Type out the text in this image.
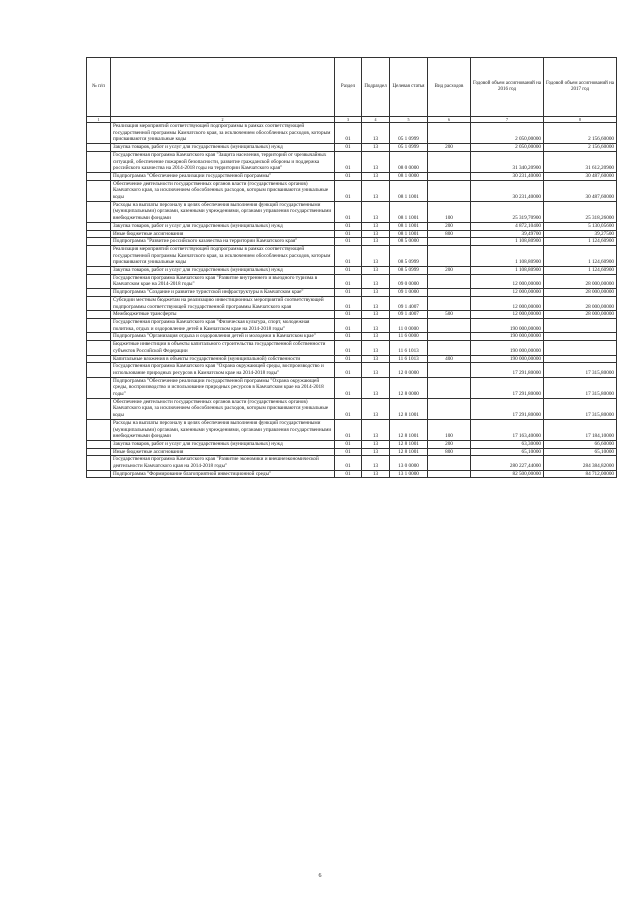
№ п/п		Раздел	Подраздел	Целевая статья	Вид расходов	Годовой объем ассигнований на 2016 год	Годовой объем ассигнований на 2017 год
1	2	3	4	5	6	7	8
	Реализация мероприятий соответствующей подпрограммы в рамках соответствующей государственной программы Камчатского края, за исключением обособленных расходов, которым присваиваются уникальные коды	01	13	05 1 0999		2 050,00000	2 156,60000
	Закупка товаров, работ и услуг для государственных (муниципальных) нужд	01	13	05 1 0999	200	2 050,00000	2 156,60000
	Государственная программа Камчатского края "Защита населения, территорий от чрезвычайных ситуаций, обеспечение пожарной безопасности, развитие гражданской обороны и поддержка российского казачества на 2014-2018 годы на территории Камчатского края"	01	13	08 0 0000		31 340,20900	31 612,20900
	Подпрограмма "Обеспечение реализации государственной программы"	01	13	08 1 0000		30 231,40000	30 487,60000
	Обеспечение деятельности государственных органов власти (государственных органов) Камчатского края, за исключением обособленных расходов, которым присваиваются уникальные коды	01	13	08 1 1001		30 231,40000	30 487,60000
	Расходы на выплаты персоналу в целях обеспечения выполнения функций государственными (муниципальными) органами, казенными учреждениями, органами управления государственными внебюджетными фондами	01	13	08 1 1001	100	25 319,70900	25 318,26000
	Закупка товаров, работ и услуг для государственных (муниципальных) нужд	01	13	08 1 1001	200	4 872,10400	5 130,05600
	Иные бюджетные ассигнования	01	13	08 1 1001	800	39,49700	39,27500
	Подпрограмма "Развитие российского казачества на территории Камчатского края"	01	13	08 5 0000		1 108,80900	1 124,60900
	Реализация мероприятий соответствующей подпрограммы в рамках соответствующей государственной программы Камчатского края, за исключением обособленных расходов, которым присваиваются уникальные коды	01	13	08 5 0999		1 108,80900	1 124,60900
	Закупка товаров, работ и услуг для государственных (муниципальных) нужд	01	13	08 5 0999	200	1 108,80900	1 124,60900
	Государственная программа Камчатского края "Развитие внутреннего и въездного туризма в Камчатском крае на 2014-2018 годы"	01	13	09 0 0000		12 000,00000	28 000,00000
	Подпрограмма "Создание и развитие туристской инфраструктуры в Камчатском крае"	01	13	09 1 0000		12 000,00000	28 000,00000
	Субсидии местным бюджетам на реализацию инвестиционных мероприятий соответствующей подпрограммы соответствующей государственной программы Камчатского края	01	13	09 1 4007		12 000,00000	28 000,00000
	Межбюджетные трансферты	01	13	09 1 4007	500	12 000,00000	28 000,00000
	Государственная программа Камчатского края "Физическая культура, спорт, молодежная политика, отдых и оздоровление детей в Камчатском крае на 2014-2018 годы"	01	13	11 0 0000		190 000,00000	
	Подпрограмма "Организация отдыха и оздоровления детей и молодежи в Камчатском крае"	01	13	11 6 0000		190 000,00000	
	Бюджетные инвестиции в объекты капитального строительства государственной собственности субъектов Российской Федерации	01	13	11 6 1013		190 000,00000	
	Капитальные вложения в объекты государственной (муниципальной) собственности	01	13	11 6 1013	400	190 000,00000	
	Государственная программа Камчатского края "Охрана окружающей среды, воспроизводство и использование природных ресурсов в Камчатском крае на 2014-2018 годы"	01	13	12 0 0000		17 291,80000	17 315,80000
	Подпрограмма "Обеспечение реализации государственной программы "Охрана окружающей среды, воспроизводство и использование природных ресурсов в Камчатском крае на 2014-2018 годы"	01	13	12 8 0000		17 291,80000	17 315,80000
	Обеспечение деятельности государственных органов власти (государственных органов) Камчатского края, за исключением обособленных расходов, которым присваиваются уникальные коды	01	13	12 8 1001		17 291,80000	17 315,80000
	Расходы на выплаты персоналу в целях обеспечения выполнения функций государственными (муниципальными) органами, казенными учреждениями, органами управления государственными внебюджетными фондами	01	13	12 8 1001	100	17 163,40000	17 184,10000
	Закупка товаров, работ и услуг для государственных (муниципальных) нужд	01	13	12 8 1001	200	63,30000	66,60000
	Иные бюджетные ассигнования	01	13	12 8 1001	800	65,10000	65,10000
	Государственная программа Камчатского края "Развитие экономики и внешнеэкономической деятельности Камчатского края на 2014-2018 годы"	01	13	13 0 0000		280 227,44000	284 384,82000
	Подпрограмма "Формирование благоприятной инвестиционной среды"	01	13	13 1 0000		82 500,00000	84 712,00000
6
